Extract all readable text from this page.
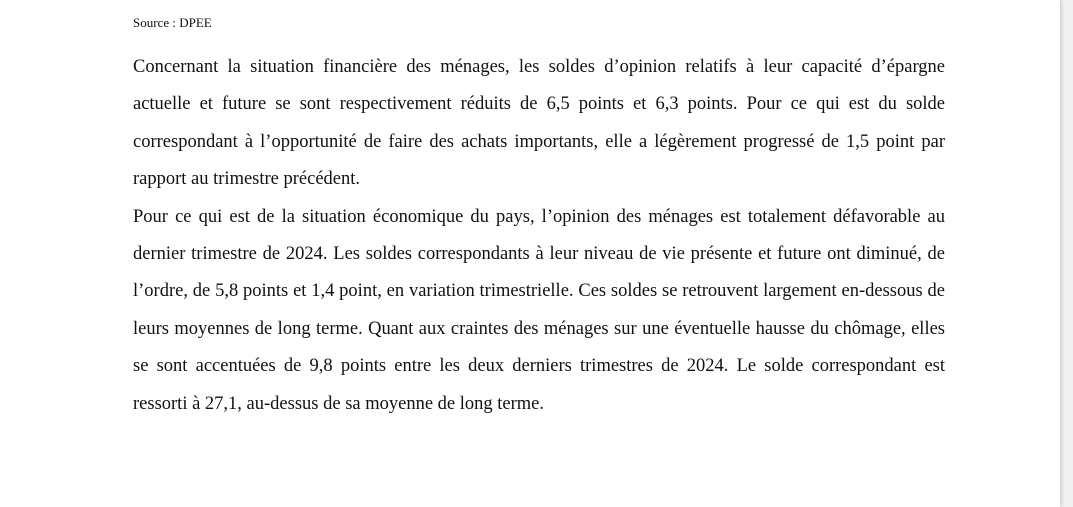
Source : DPEE

Concernant la situation financière des ménages, les soldes d’opinion relatifs à leur capacité d’épargne actuelle et future se sont respectivement réduits de 6,5 points et 6,3 points. Pour ce qui est du solde correspondant à l’opportunité de faire des achats importants, elle a légèrement progressé de 1,5 point par rapport au trimestre précédent.

Pour ce qui est de la situation économique du pays, l’opinion des ménages est totalement défavorable au dernier trimestre de 2024. Les soldes correspondants à leur niveau de vie présente et future ont diminué, de l’ordre, de 5,8 points et 1,4 point, en variation trimestrielle. Ces soldes se retrouvent largement en-dessous de leurs moyennes de long terme. Quant aux craintes des ménages sur une éventuelle hausse du chômage, elles se sont accentuées de 9,8 points entre les deux derniers trimestres de 2024. Le solde correspondant est ressorti à 27,1, au-dessus de sa moyenne de long terme.
